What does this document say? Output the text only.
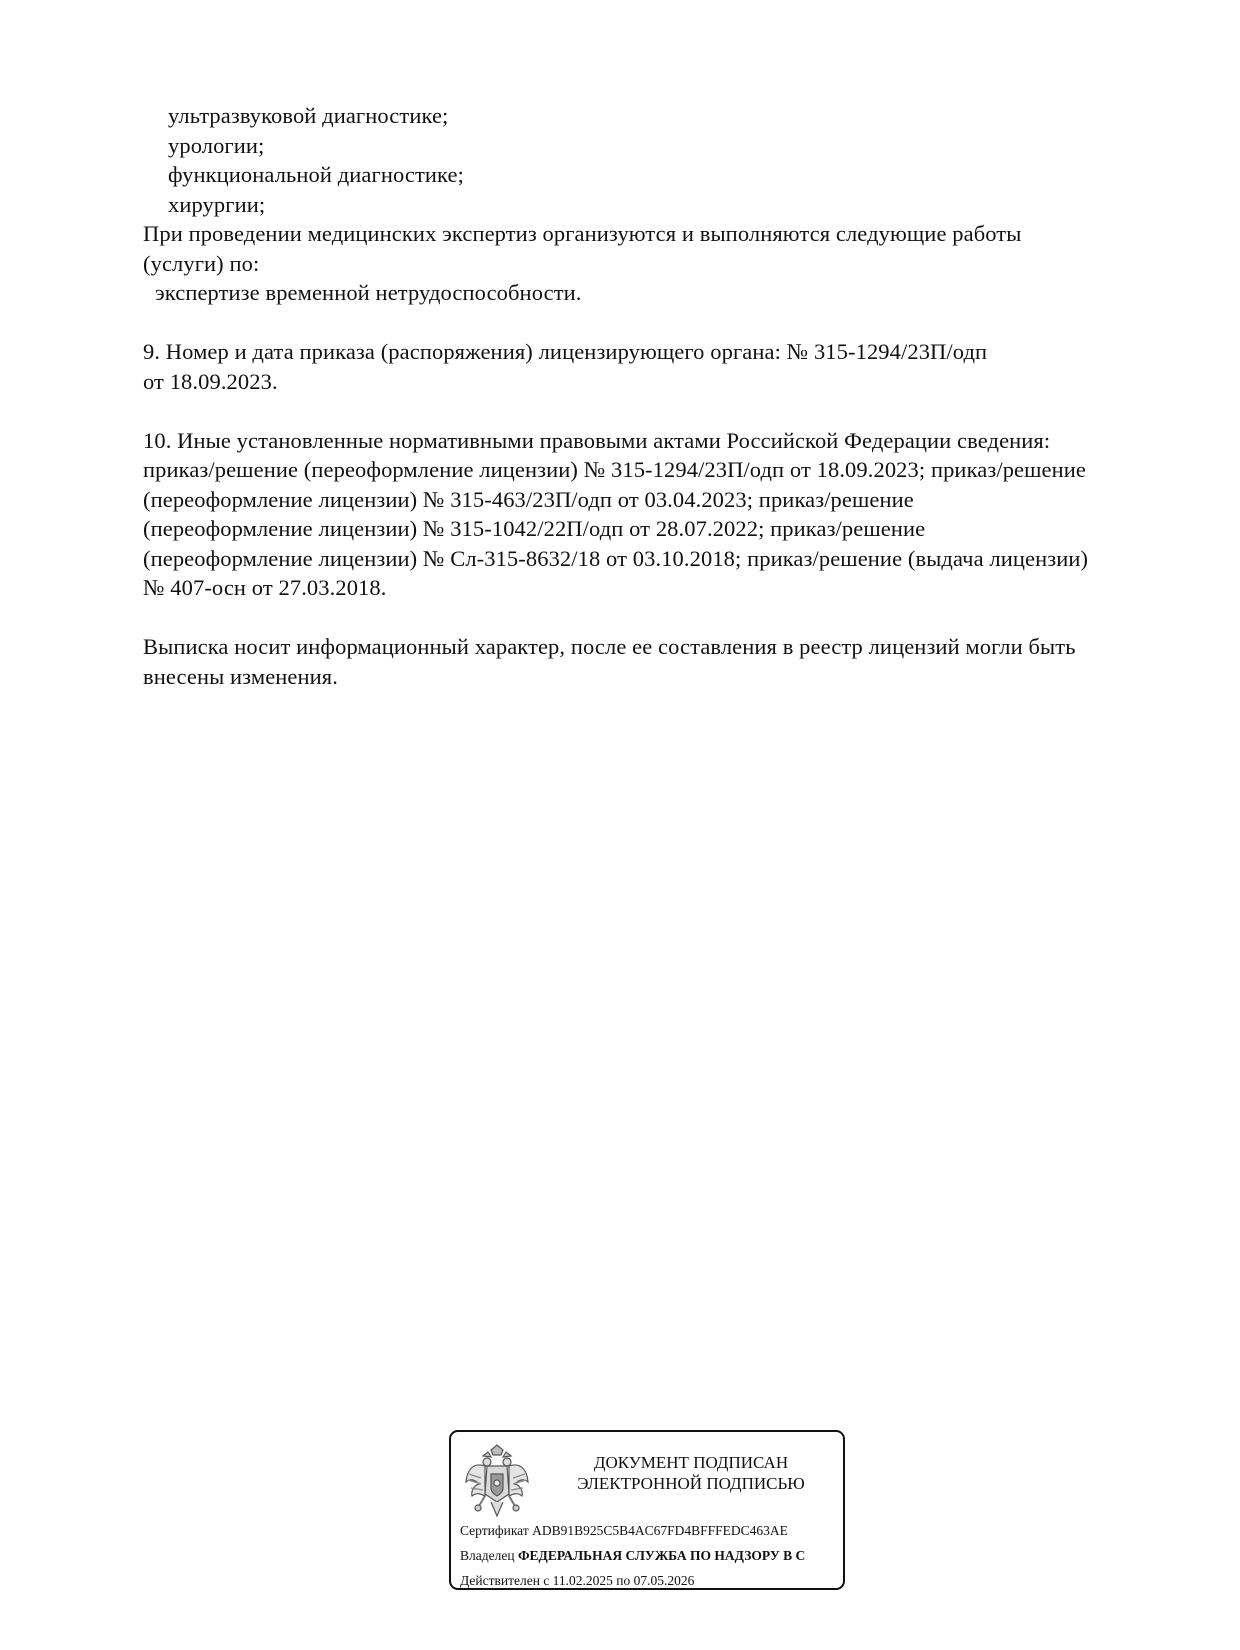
ультразвуковой диагностике;
урологии;
функциональной диагностике;
хирургии;
При проведении медицинских экспертиз организуются и выполняются следующие работы
(услуги) по:
экспертизе временной нетрудоспособности.
9. Номер и дата приказа (распоряжения) лицензирующего органа: № 315-1294/23П/одп
от 18.09.2023.
10. Иные установленные нормативными правовыми актами Российской Федерации сведения:
приказ/решение (переоформление лицензии) № 315-1294/23П/одп от 18.09.2023; приказ/решение
(переоформление лицензии) № 315-463/23П/одп от 03.04.2023; приказ/решение
(переоформление лицензии) № 315-1042/22П/одп от 28.07.2022; приказ/решение
(переоформление лицензии) № Сл-315-8632/18 от 03.10.2018; приказ/решение (выдача лицензии)
№ 407-осн от 27.03.2018.
Выписка носит информационный характер, после ее составления в реестр лицензий могли быть
внесены изменения.
ДОКУМЕНТ ПОДПИСАН
ЭЛЕКТРОННОЙ ПОДПИСЬЮ
Сертификат ADB91B925C5B4AC67FD4BFFFEDC463AE
Владелец ФЕДЕРАЛЬНАЯ СЛУЖБА ПО НАДЗОРУ В С
Действителен с 11.02.2025 по 07.05.2026
